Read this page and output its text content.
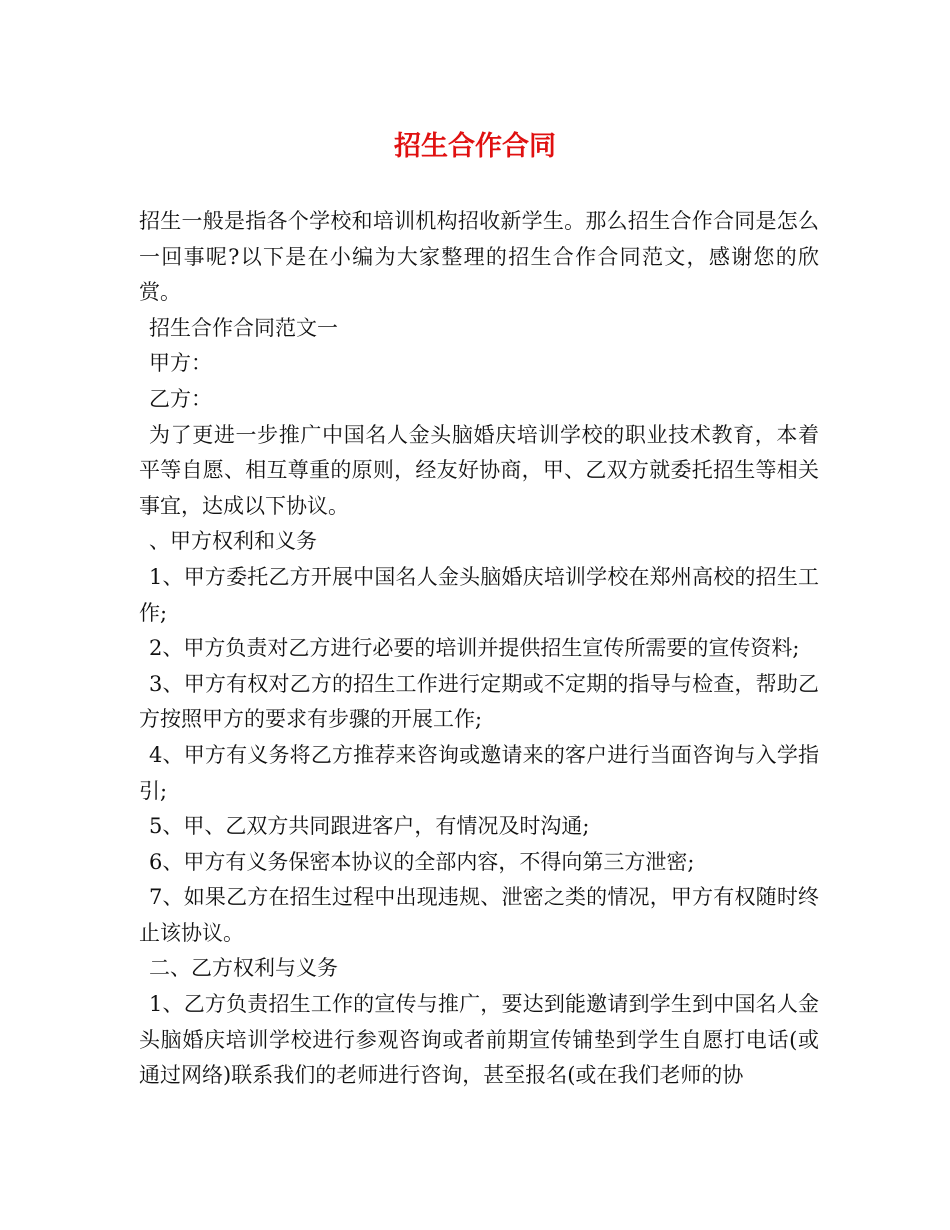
招生合作合同

招生一般是指各个学校和培训机构招收新学生。那么招生合作合同是怎么一回事呢?以下是在小编为大家整理的招生合作合同范文，感谢您的欣赏。

招生合作合同范文一

甲方：

乙方：

为了更进一步推广中国名人金头脑婚庆培训学校的职业技术教育，本着平等自愿、相互尊重的原则，经友好协商，甲、乙双方就委托招生等相关事宜，达成以下协议。

、甲方权利和义务

1、甲方委托乙方开展中国名人金头脑婚庆培训学校在郑州高校的招生工作;

2、甲方负责对乙方进行必要的培训并提供招生宣传所需要的宣传资料;

3、甲方有权对乙方的招生工作进行定期或不定期的指导与检查，帮助乙方按照甲方的要求有步骤的开展工作;

4、甲方有义务将乙方推荐来咨询或邀请来的客户进行当面咨询与入学指引;

5、甲、乙双方共同跟进客户，有情况及时沟通;

6、甲方有义务保密本协议的全部内容，不得向第三方泄密;

7、如果乙方在招生过程中出现违规、泄密之类的情况，甲方有权随时终止该协议。

二、乙方权利与义务

1、乙方负责招生工作的宣传与推广，要达到能邀请到学生到中国名人金头脑婚庆培训学校进行参观咨询或者前期宣传铺垫到学生自愿打电话(或通过网络)联系我们的老师进行咨询，甚至报名(或在我们老师的协
